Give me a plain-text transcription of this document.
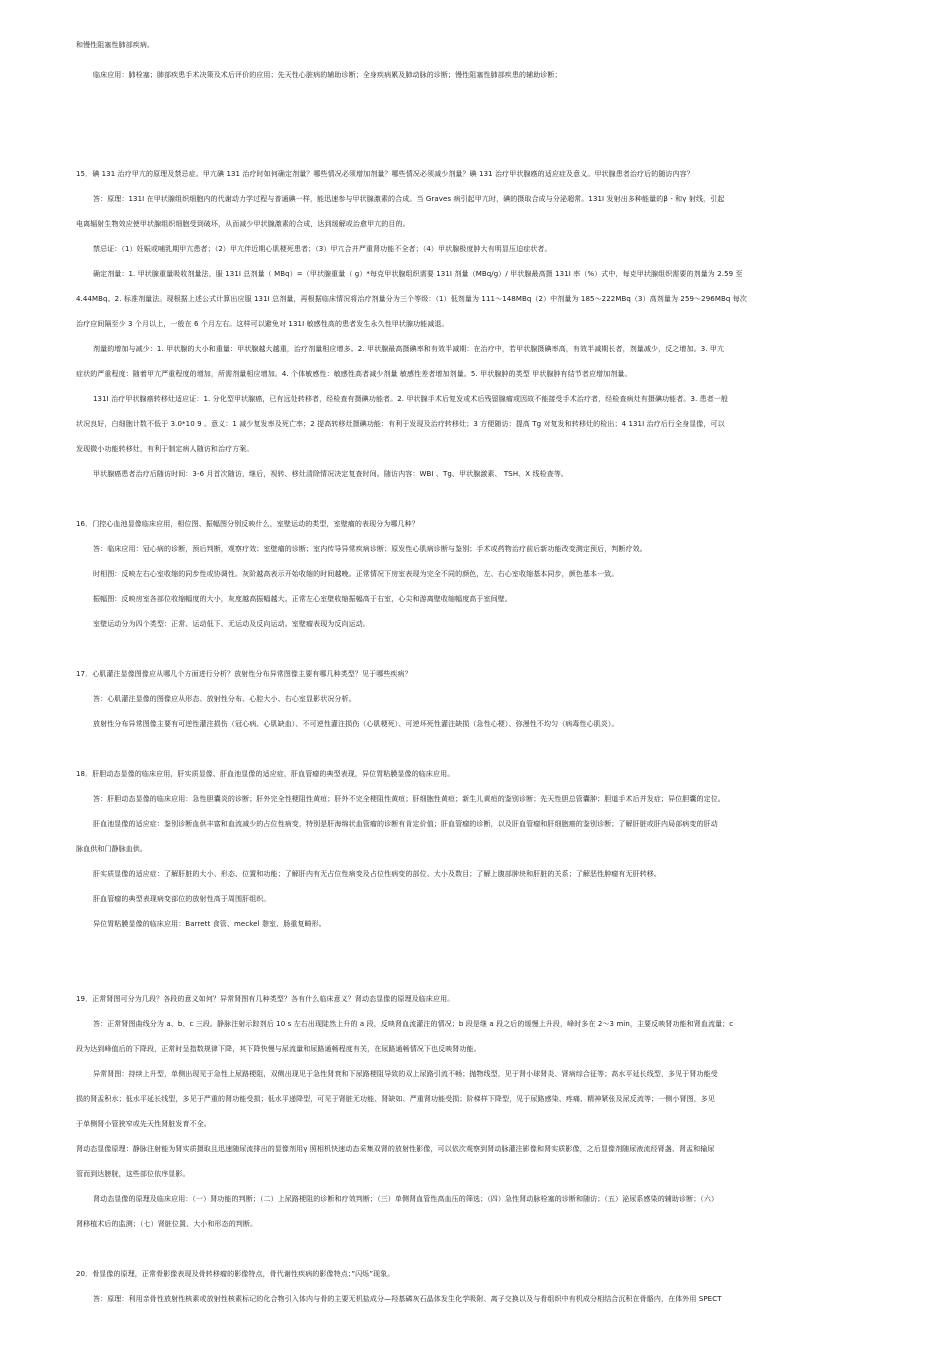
和慢性阻塞性肺部疾病。
临床应用：肺栓塞；肺部疾患手术决策及术后评价的应用；先天性心脏病的辅助诊断；全身疾病累及肺动脉的诊断；慢性阻塞性肺部疾患的辅助诊断；
15．碘 131 治疗甲亢的原理及禁忌症。甲亢碘 131 治疗时如何确定剂量？哪些情况必须增加剂量？哪些情况必须减少剂量？碘 131 治疗甲状腺癌的适应症及意义。甲状腺患者治疗后的随访内容？
答：原理：131I 在甲状腺组织细胞内的代谢动力学过程与普通碘一样，能迅速参与甲状腺激素的合成。当 Graves 病引起甲亢时，碘的摄取合成与分泌超常。131I 发射出多种能量的β - 和γ 射线，引起
电离辐射生物效应使甲状腺组织细胞受到破坏，从而减少甲状腺激素的合成，达到缓解或治愈甲亢的目的。
禁忌证：（1）妊娠或哺乳期甲亢患者；（2）甲亢伴近期心肌梗死患者；（3）甲亢合并严重肾功能不全者；（4）甲状腺极度肿大有明显压迫症状者。
确定剂量：1. 甲状腺重量吸收剂量法，服 131I 总剂量（ MBq）=（甲状腺重量（ g）*每克甲状腺组织需要 131I 剂量（MBq/g）/ 甲状腺最高摄 131I 率（%）式中，每克甲状腺组织需要的剂量为 2.59 至
4.44MBq。2. 标准剂量法。现根据上述公式计算出应服 131I 总剂量，再根据临床情况将治疗剂量分为三个等级：（1）低剂量为 111～148MBq（2）中剂量为 185～222MBq（3）高剂量为 259～296MBq 每次
治疗应间隔至少 3 个月以上，一般在 6 个月左右。这样可以避免对 131I 敏感性高的患者发生永久性甲状腺功能减退。
剂量的增加与减少：1. 甲状腺的大小和重量：甲状腺越大越重，治疗剂量相应增多。2. 甲状腺最高摄碘率和有效半减期：在治疗中，若甲状腺摄碘率高，有效半减期长者，剂量减少，反之增加。3. 甲亢
症状的严重程度：随着甲亢严重程度的增加，所需剂量相应增加。4. 个体敏感性：敏感性高者减少剂量 敏感性差者增加剂量。5. 甲状腺肿的类型 甲状腺肿有结节者应增加剂量。
131I 治疗甲状腺癌转移灶适应证：1. 分化型甲状腺癌，已有远处转移者，经检查有摄碘功能者。2. 甲状腺手术后复发或术后残留腺瘤或因故不能接受手术治疗者，经检查病灶有摄碘功能者。3. 患者一般
状况良好，白细胞计数不低于 3.0*10 9 。意义：1 减少复发率及死亡率；2 提高转移灶摄碘功能：有利于发现及治疗转移灶；3 方便随访：提高 Tg 对复发和转移灶的检出；4 131I 治疗后行全身显像，可以
发现微小功能转移灶，有利于制定病人随访和治疗方案。
甲状腺癌患者治疗后随访时间：3-6 月首次随访，继后，视转、移灶清除情况决定复查时间。随访内容：WBI 、Tg、甲状腺激素、 TSH、X 线检查等。
16．门控心血池显像临床应用，相位图、振幅图分别反映什么，室壁运动的类型，室壁瘤的表现分为哪几种？
答：临床应用：冠心病的诊断，预后判断，观察疗效；室壁瘤的诊断；室内传导异常疾病诊断；原发性心肌病诊断与鉴别；手术或药物治疗前后新功能改变测定预后，判断疗效。
时相图：反映左右心室收缩的同步性或协调性。灰阶越高表示开始收缩的时间越晚。正常情况下房室表现为完全不同的颜色，左、右心室收缩基本同步，颜色基本一致。
振幅图：反映房室各部位收缩幅度的大小，灰度越高振幅越大。正常左心室壁收缩振幅高于右室，心尖和游离壁收缩幅度高于室间壁。
室壁运动分为四个类型：正常、运动低下、无运动及反向运动。室壁瘤表现为反向运动。
17．心肌灌注显像图像应从哪几个方面进行分析？放射性分布异常图像主要有哪几种类型？见于哪些疾病？
答：心肌灌注显像的图像应从形态、放射性分布、心腔大小、右心室显影状况分析。
放射性分布异常图像主要有可逆性灌注损伤（冠心病、心肌缺血）、不可逆性灌注损伤（心肌梗死）、可逆坏死性灌注缺损（急性心梗）、弥漫性不均匀（病毒性心肌炎）。
18．肝胆动态显像的临床应用，肝实质显像、肝血池显像的适应症，肝血管瘤的典型表现，异位胃粘膜显像的临床应用。
答：肝胆动态显像的临床应用：急性胆囊炎的诊断；肝外完全性梗阻性黄疸；肝外不完全梗阻性黄疸；肝细胞性黄疸；新生儿黄疸的鉴别诊断；先天性胆总管囊肿；胆道手术后并发症；异位胆囊的定位。
肝血池显像的适应症：鉴别诊断血供丰富和血流减少的占位性病变，特别是肝海绵状血管瘤的诊断有肯定价值；肝血管瘤的诊断，以及肝血管瘤和肝细胞癌的鉴别诊断；了解肝脏或肝内局部病变的肝动
脉血供和门静脉血供。
肝实质显像的适应症：了解肝脏的大小、形态、位置和功能；了解肝内有无占位性病变及占位性病变的部位、大小及数目；了解上腹部肿块和肝脏的关系；了解恶性肿瘤有无肝转移。
肝血管瘤的典型表现病变部位的放射性高于周围肝组织。
异位胃粘膜显像的临床应用：Barrett 食管、meckel 憩室、肠重复畸形。
19．正常肾图可分为几段？各段的意义如何？异常肾图有几种类型？各有什么临床意义？肾动态显像的原理及临床应用。
答：正常肾图曲线分为 a、b、c 三段。静脉注射示踪剂后 10 s 左右出现陡然上升的 a 段，反映肾血流灌注的情况；b 段是继 a 段之后的缓慢上升段，峰时多在 2～3 min，主要反映肾功能和肾血流量；c
段为达到峰值后的下降段，正常时呈指数规律下降，其下降快慢与尿流量和尿路通畅程度有关，在尿路通畅情况下也反映肾功能。
异常肾图：持续上升型，单侧出现见于急性上尿路梗阻，双侧出现见于急性肾衰和下尿路梗阻导致的双上尿路引流不畅；抛物线型，见于肾小球肾炎、肾病综合征等；高水平延长线型，多见于肾功能受
损的肾盂积水；低水平延长线型，多见于严重的肾功能受损；低水平递降型，可见于肾脏无功能、肾缺如、严重肾功能受损；阶梯样下降型，见于尿路感染、疼痛、精神紧张及尿反流等；一侧小肾图，多见
于单侧肾小管狭窄或先天性肾脏发育不全。
肾动态显像原理：静脉注射能为肾实质摄取且迅速随尿流排出的显像剂用γ 照相机快速动态采集双肾的放射性影像，可以依次观察到肾动脉灌注影像和肾实质影像，之后显像剂随尿液流经肾盏、肾盂和输尿
管而到达膀胱，这些部位依序显影。
肾动态显像的原理及临床应用：（一）肾功能的判断；（二）上尿路梗阻的诊断和疗效判断；（三）单侧肾血管性高血压的筛选；（四）急性肾动脉栓塞的诊断和随访；（五）泌尿系感染的辅助诊断；（六）
肾移植术后的监测；（七）肾脏位置、大小和形态的判断。
20．骨显像的原理，正常骨影像表现及骨转移瘤的影像特点，骨代谢性疾病的影像特点；”闪烁”现象。
答：原理：利用亲骨性放射性核素或放射性核素标记的化合物引入体内与骨的主要无机盐成分—羟基磷灰石晶体发生化学吸附、离子交换以及与骨组织中有机成分相结合沉积在骨骼内，在体外用 SPECT
